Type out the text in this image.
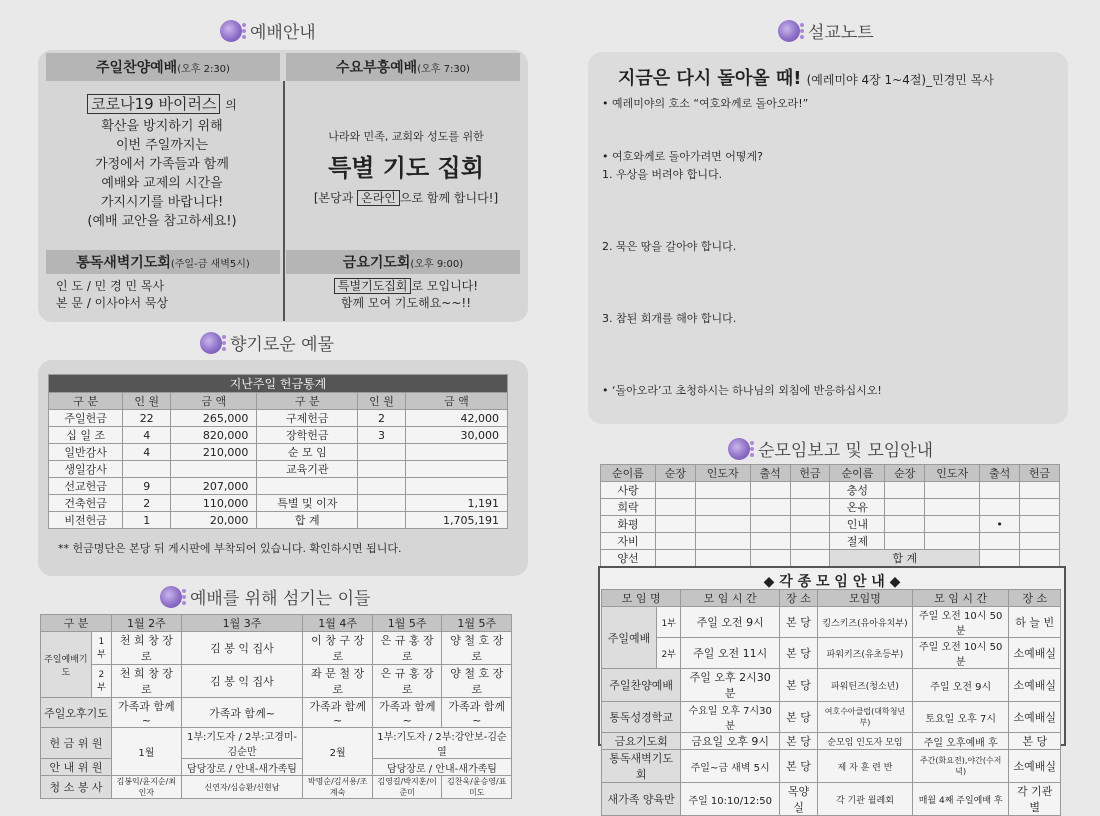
예배안내
주일찬양예배 (오후 2:30)	수요부흥예배 (오후 7:30)
코로나19 바이러스 의
확산을 방지하기 위해
이번 주일까지는
가정에서 가족들과 함께
예배와 교제의 시간을
가지시기를 바랍니다!
(예배 교안을 참고하세요!)
나라와 민족, 교회와 성도를 위한
특별 기도 집회
[본당과 온라인 으로 함께 합니다!]
통독새벽기도회 (주일-금 새벽5시)	금요기도회 (오후 9:00)
인 도 / 민 경 민 목사
본 문 / 이사야서 묵상
특별기도집회 로 모입니다!
함께 모여 기도해요~~!!
향기로운 예물
지난주일 헌금통계					
구 분	인 원	금 액	구 분	인 원	금 액
주일헌금	22	265,000	구제헌금	2	42,000
십 일 조	4	820,000	장학헌금	3	30,000
일반감사	4	210,000	순 모 임		
생일감사			교육기관		
선교헌금	9	207,000			
건축헌금	2	110,000	특별 및 이자		1,191
비전헌금	1	20,000	합 계		1,705,191
** 헌금명단은 본당 뒤 게시판에 부착되어 있습니다. 확인하시면 됩니다.
예배를 위해 섬기는 이들
구 분		1월 2주	1월 3주	1월 4주	1월 5주	1월 5주
주일예배기도	1부	천 희 창 장로	김 봉 익 집사	이 창 구 장로	은 규 홍 장로	양 철 호 장로
	2부	천 희 창 장로	김 봉 익 집사	좌 문 철 장로	은 규 홍 장로	양 철 호 장로
주일오후기도		가족과 함께~	가족과 함께~	가족과 함께~	가족과 함께~	가족과 함께~
헌 금 위 원		1월	1부:기도자 / 2부:고경미-김순만	2월	1부:기도자 / 2부:강안보-김순열	
안 내 위 원			담당장로 / 안내-새가족팀		담당장로 / 안내-새가족팀	
청 소 봉 사		김봉익/윤지순/최인자	신연자/심승환/신현남	박명순/김서용/조계숙	김영길/박지훈/이준미	김찬욱/윤승영/표미도
설교노트
지금은 다시 돌아올 때! (예레미야 4장 1~4절)_민경민 목사
• 예레미야의 호소 “여호와께로 돌아오라!”
• 여호와께로 돌아가려면 어떻게?
1. 우상을 버려야 합니다.
2. 묵은 땅을 갈아야 합니다.
3. 참된 회개를 해야 합니다.
• ‘돌아오라’고 초청하시는 하나님의 외침에 반응하십시오!
순모임보고 및 모임안내
순이름	순장	인도자	출석	헌금	순이름	순장	인도자	출석	헌금
사랑					충성				
희락					온유				
화평					인내			•	
자비					절제				
양선					합 계				
◆ 각 종 모 임 안 내 ◆
모 임 명		모 임 시 간	장 소	모임명	모 임 시 간	장 소
주일예배	1부	주일 오전 9시	본 당	킹스키즈(유아유치부)	주일 오전 10시 50분	하 늘 빈
	2부	주일 오전 11시	본 당	파워키즈(유초등부)	주일 오전 10시 50분	소예배실
주일찬양예배		주일 오후 2시30분	본 당	파워틴즈(청소년)	주일 오전 9시	소예배실
통독성경학교		수요일 오후 7시30분	본 당	여호수아클럽(대학청년부)	토요일 오후 7시	소예배실
금요기도회		금요일 오후 9시	본 당	순모임 인도자 모임	주일 오후예배 후	본 당
통독새벽기도회		주일~금 새벽 5시	본 당	제 자 훈 련 반	주간(화요전),야간(수저녁)	소예배실
새가족 양육반		주일 10:10/12:50	목양실	각 기관 월례회	매월 4째 주일예배 후	각 기관별
